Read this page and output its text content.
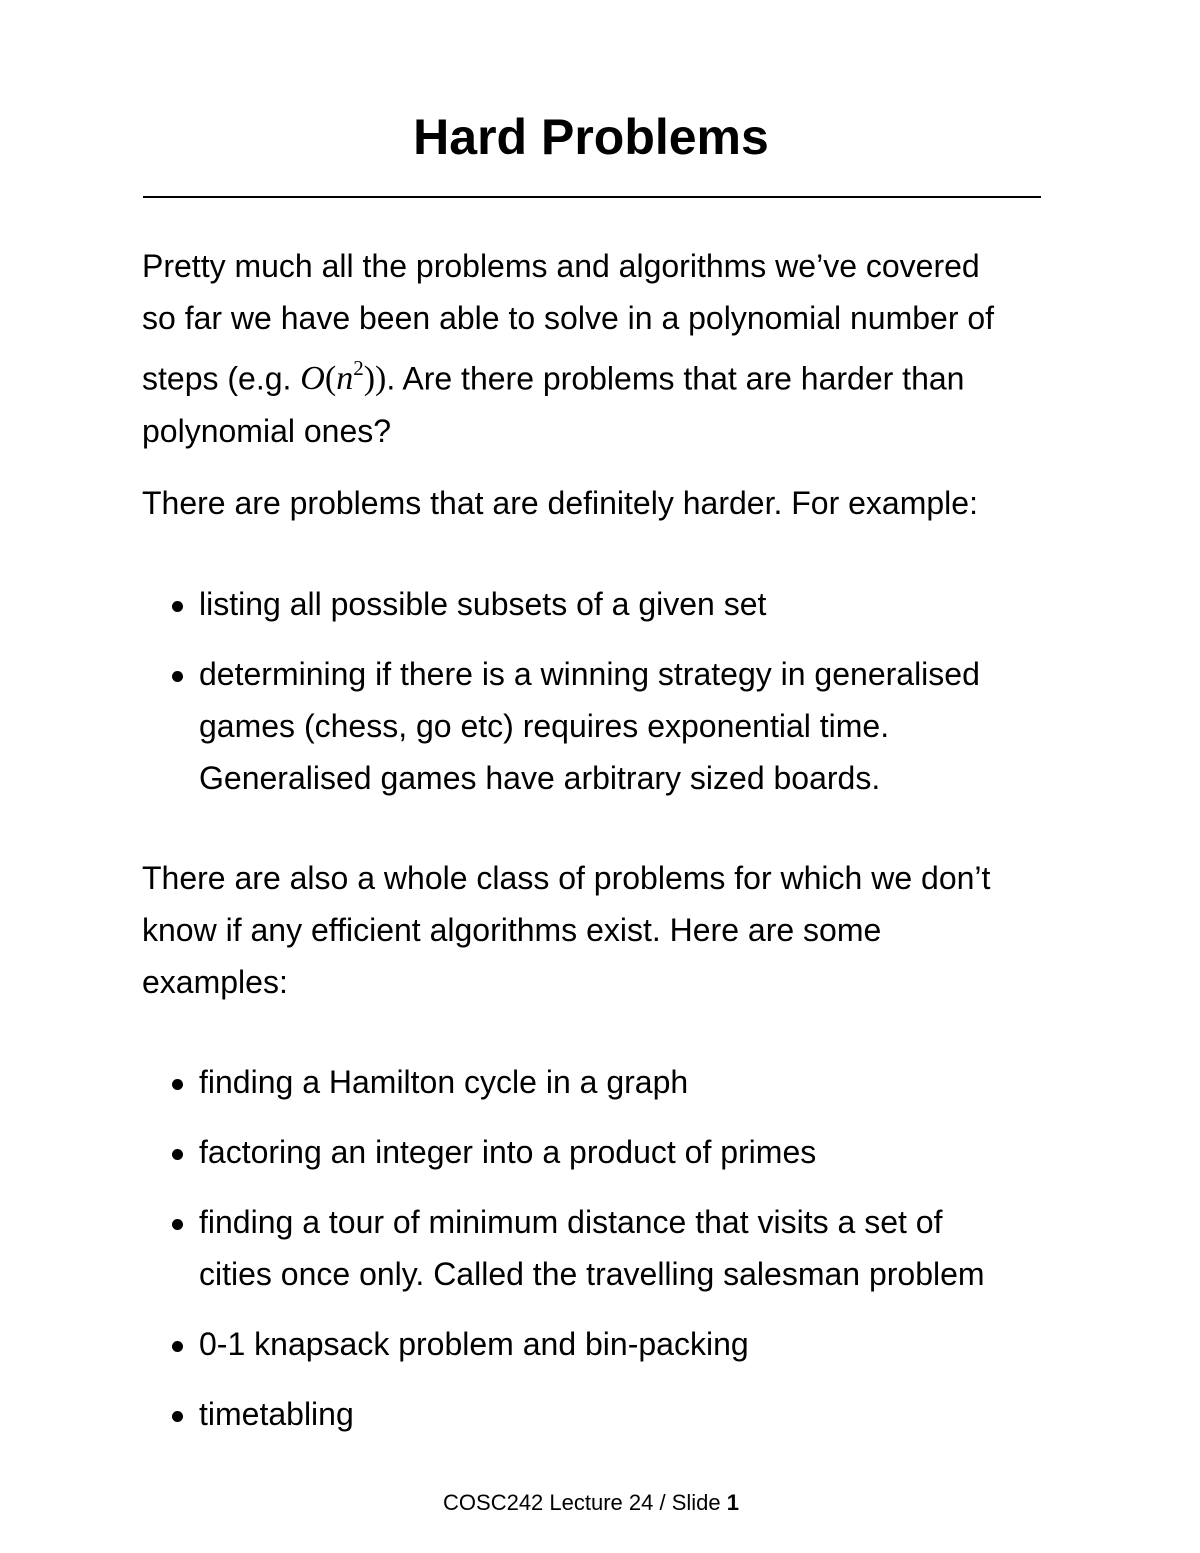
Hard Problems

Pretty much all the problems and algorithms we’ve covered
so far we have been able to solve in a polynomial number of
steps (e.g. $O(n^2)$). Are there problems that are harder than
polynomial ones?

There are problems that are definitely harder. For example:

listing all possible subsets of a given set
determining if there is a winning strategy in generalised
games (chess, go etc) requires exponential time.
Generalised games have arbitrary sized boards.

There are also a whole class of problems for which we don’t
know if any efficient algorithms exist. Here are some
examples:

finding a Hamilton cycle in a graph
factoring an integer into a product of primes
finding a tour of minimum distance that visits a set of
cities once only. Called the travelling salesman problem
0-1 knapsack problem and bin-packing
timetabling
COSC242 Lecture 24 / Slide 1
